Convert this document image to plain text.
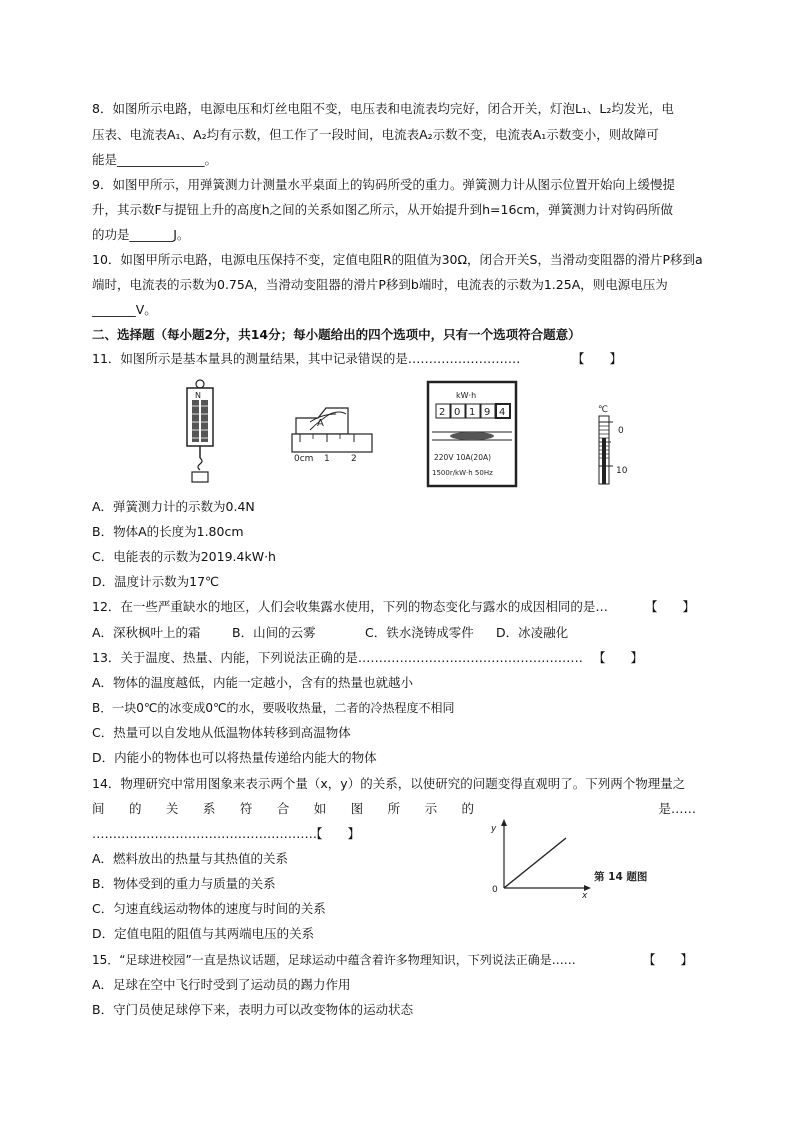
8．如图所示电路，电源电压和灯丝电阻不变，电压表和电流表均完好，闭合开关，灯泡L₁、L₂均发光，电
压表、电流表A₁、A₂均有示数，但工作了一段时间，电流表A₂示数不变，电流表A₁示数变小，则故障可
能是______________。
9．如图甲所示，用弹簧测力计测量水平桌面上的钩码所受的重力。弹簧测力计从图示位置开始向上缓慢提
升，其示数F与提钮上升的高度h之间的关系如图乙所示，从开始提升到h=16cm，弹簧测力计对钩码所做
的功是_______J。
10．如图甲所示电路，电源电压保持不变，定值电阻R的阻值为30Ω，闭合开关S，当滑动变阻器的滑片P移到a
端时，电流表的示数为0.75A，当滑动变阻器的滑片P移到b端时，电流表的示数为1.25A，则电源电压为
_______V。
二、选择题（每小题2分，共14分；每小题给出的四个选项中，只有一个选项符合题意）
11．如图所示是基本量具的测量结果，其中记录错误的是………………………	【　　】
N
A
0cm 1 2
kW·h
2 0 1 9 4
220V 10A(20A)
1500r/kW·h 50Hz
℃
0
10
A．弹簧测力计的示数为0.4N
B．物体A的长度为1.80cm
C．电能表的示数为2019.4kW·h
D．温度计示数为17℃
12．在一些严重缺水的地区，人们会收集露水使用，下列的物态变化与露水的成因相同的是…	【　　】
A．深秋枫叶上的霜	B．山间的云雾	C．铁水浇铸成零件 D．冰凌融化
13．关于温度、热量、内能，下列说法正确的是……………………………………………… 【　　】
A．物体的温度越低，内能一定越小，含有的热量也就越小
B．一块0℃的冰变成0℃的水，要吸收热量，二者的冷热程度不相同
C．热量可以自发地从低温物体转移到高温物体
D．内能小的物体也可以将热量传递给内能大的物体
14．物理研究中常用图象来表示两个量（x，y）的关系，以使研究的问题变得直观明了。下列两个物理量之
间 的 关 系 符 合 如 图 所 示 的	是……
………………………………………………
【　　】	y
x
0
第 14 题图
A．燃料放出的热量与其热值的关系
B．物体受到的重力与质量的关系
C．匀速直线运动物体的速度与时间的关系
D．定值电阻的阻值与其两端电压的关系
15．“足球进校园”一直是热议话题，足球运动中蕴含着许多物理知识，下列说法正确是……	【　　】
A．足球在空中飞行时受到了运动员的踢力作用
B．守门员使足球停下来，表明力可以改变物体的运动状态
